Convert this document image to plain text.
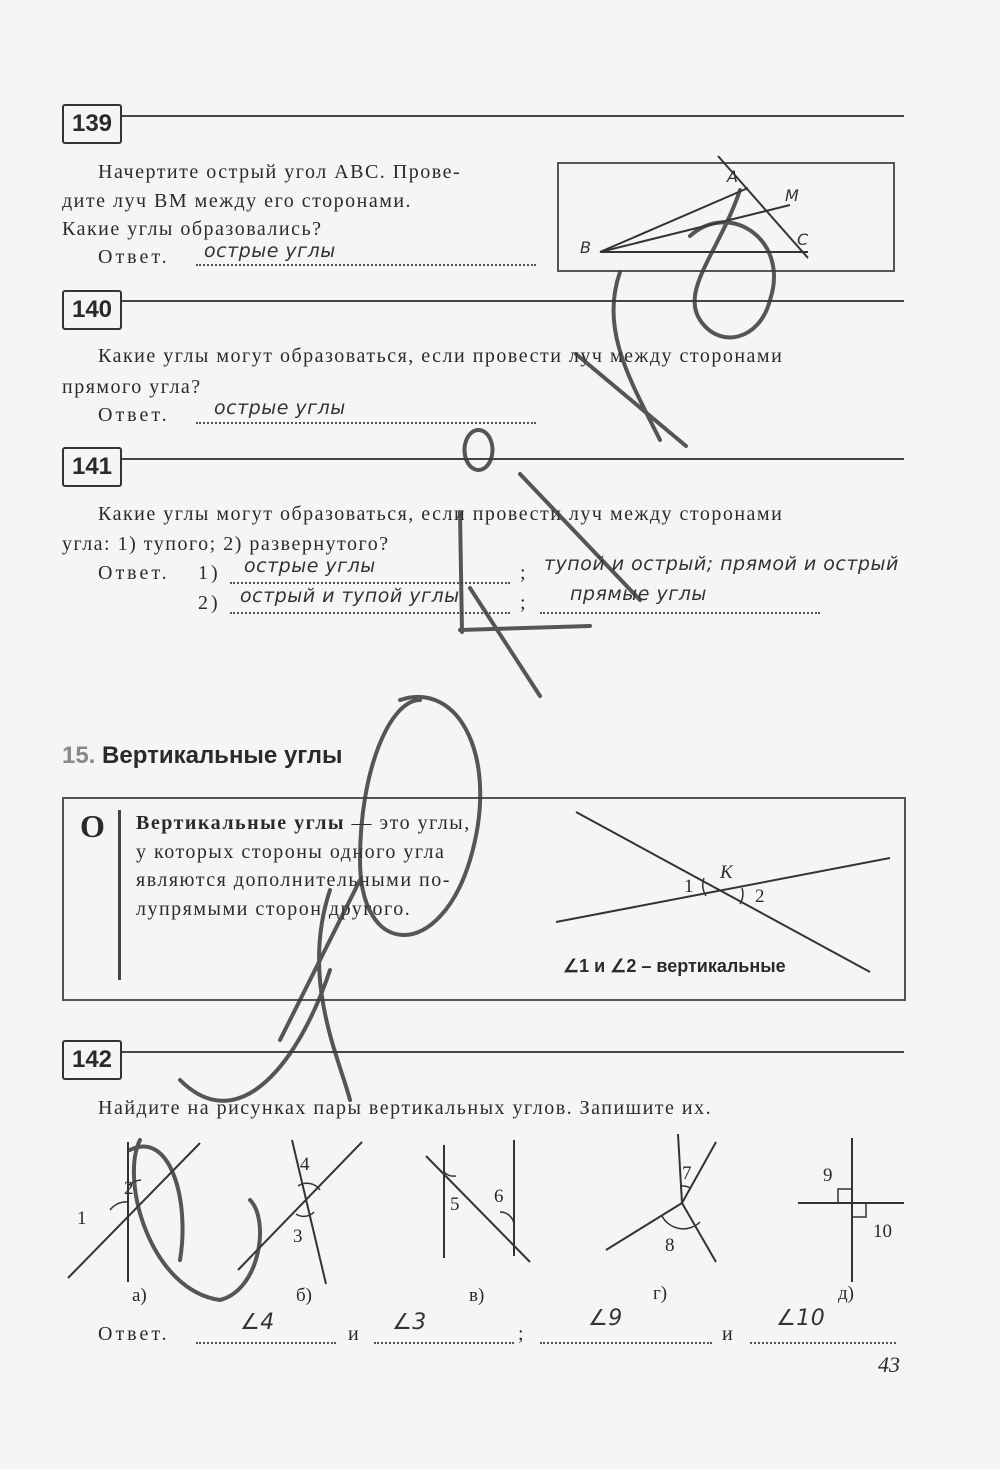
139
Начертите острый угол ABC. Прове-
дите луч BM между его сторонами.
Какие углы образовались?
Ответ. острые углы
A
M
B	C
140
Какие углы могут образоваться, если провести луч между сторонами
прямого угла?
Ответ. острые углы
141
Какие углы могут образоваться, если провести луч между сторонами
угла: 1) тупого; 2) развернутого?
Ответ. 1)	;
острые углы	тупой и острый; прямой и острый
2)	;
острый и тупой углы	прямые углы
15. Вертикальные углы
О Вертикальные углы — это углы,
у которых стороны одного угла
являются дополнительными по-
лупрямыми сторон другого.
K
1	2
∠1 и ∠2 – вертикальные
142
Найдите на рисунках пары вертикальных углов. Запишите их.
а)	б)	в)	г)	д)
1
2
3
4
5 6
7
8
9
10
Ответ.	и	;	и
∠4	∠3	∠9	∠10
43
